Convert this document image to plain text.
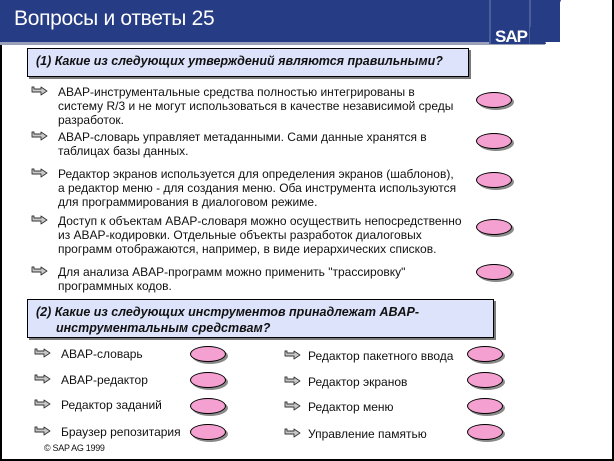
Вопросы и ответы 25
SAP
(1) Какие из следующих утверждений являются правильными?
ABAP-инструментальные средства полностью интегрированы в
систему R/3 и не могут использоваться в качестве независимой среды
разработок.
ABAP-словарь управляет метаданными. Сами данные хранятся в
таблицах базы данных.
Редактор экранов используется для определения экранов (шаблонов),
а редактор меню - для создания меню. Оба инструмента используются
для программирования в диалоговом режиме.
Доступ к объектам ABAP-словаря можно осуществить непосредственно
из ABAP-кодировки. Отдельные объекты разработок диалоговых
программ отображаются, например, в виде иерархических списков.
Для анализа ABAP-программ можно применить "трассировку"
программных кодов.
(2) Какие из следующих инструментов принадлежат ABAP-
инструментальным средствам?
ABAP-словарь
ABAP-редактор
Редактор заданий
Браузер репозитария
Редактор пакетного ввода
Редактор экранов
Редактор меню
Управление памятью
© SAP AG 1999
